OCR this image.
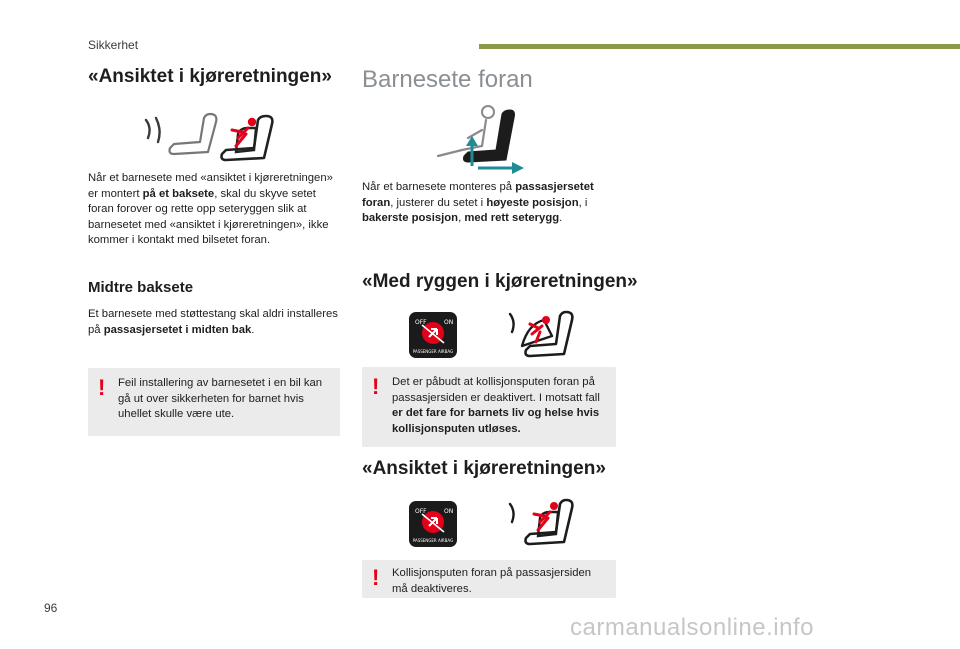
Sikkerhet
«Ansiktet i kjøreretningen»
Når et barnesete med «ansiktet i kjøreretningen» er montert på et baksete, skal du skyve setet foran forover og rette opp seteryggen slik at barnesetet med «ansiktet i kjøreretningen», ikke kommer i kontakt med bilsetet foran.
Midtre baksete
Et barnesete med støttestang skal aldri installeres på passasjersetet i midten bak.
! Feil installering av barnesetet i en bil kan gå ut over sikkerheten for barnet hvis uhellet skulle være ute.
96
Barnesete foran
Når et barnesete monteres på passasjersetet foran, justerer du setet i høyeste posisjon, i bakerste posisjon, med rett seterygg.
«Med ryggen i kjøreretningen»
OFF	ON
PASSENGER AIRBAG
! Det er påbudt at kollisjonsputen foran på passasjersiden er deaktivert. I motsatt fall er det fare for barnets liv og helse hvis kollisjonsputen utløses.
«Ansiktet i kjøreretningen»
OFF	ON
PASSENGER AIRBAG
! Kollisjonsputen foran på passasjersiden må deaktiveres.
carmanualsonline.info
